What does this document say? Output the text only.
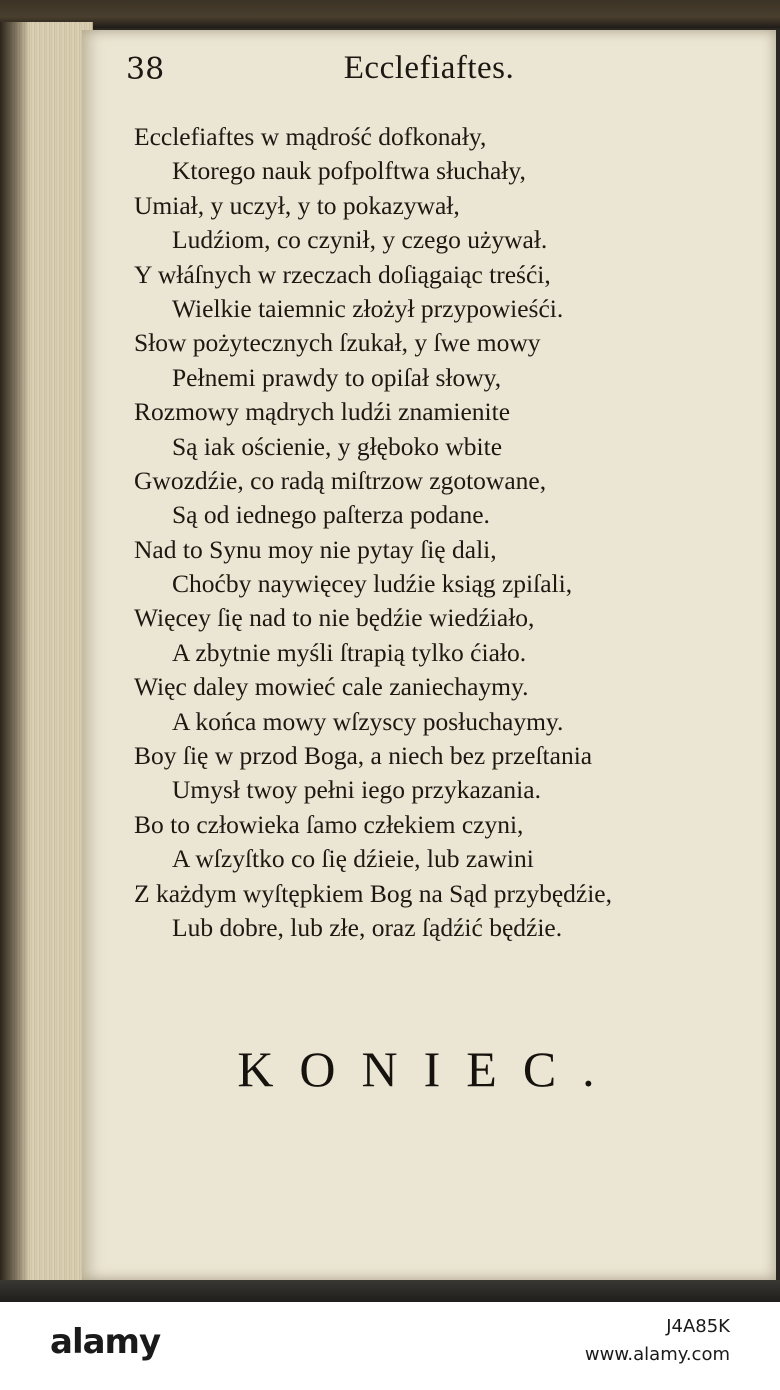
Ecclefiaftes.
38
Ecclefiaftes w mądrość dofkonały,
Ktorego nauk pofpolftwa słuchały,
Umiał, y uczył, y to pokazywał,
Ludźiom, co czynił, y czego używał.
Y włáſnych w rzeczach doſiągaiąc treśći,
Wielkie taiemnic złożył przypowieśći.
Słow pożytecznych ſzukał, y ſwe mowy
Pełnemi prawdy to opiſał słowy,
Rozmowy mądrych ludźi znamienite
Są iak ościenie, y głęboko wbite
Gwozdźie, co radą miſtrzow zgotowane,
Są od iednego paſterza podane.
Nad to Synu moy nie pytay ſię dali,
Choćby naywięcey ludźie ksiąg zpiſali,
Więcey ſię nad to nie będźie wiedźiało,
A zbytnie myśli ſtrapią tylko ćiało.
Więc daley mowieć cale zaniechaymy.
A końca mowy wſzyscy posłuchaymy.
Boy ſię w przod Boga, a niech bez przeſtania
Umysł twoy pełni iego przykazania.
Bo to człowieka ſamo człekiem czyni,
A wſzyſtko co ſię dźieie, lub zawini
Z każdym wyſtępkiem Bog na Sąd przybędźie,
Lub dobre, lub złe, oraz ſądźić będźie.
KONIEC.
alamy	J4A85K
www.alamy.com
